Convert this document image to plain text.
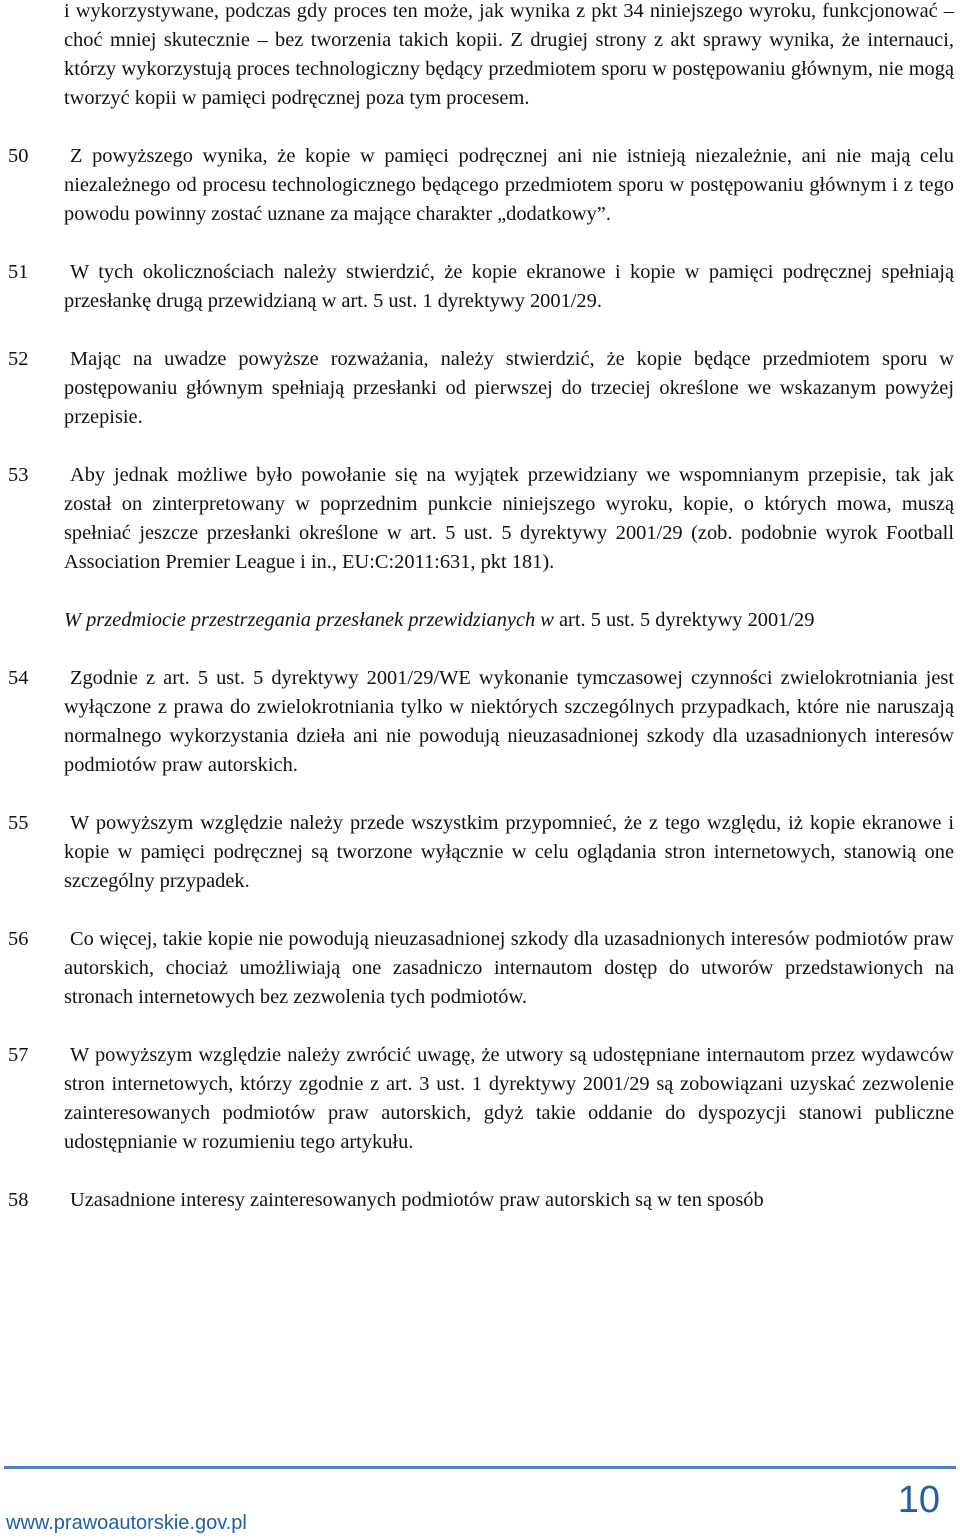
i wykorzystywane, podczas gdy proces ten może, jak wynika z pkt 34 niniejszego wyroku, funkcjonować – choć mniej skutecznie – bez tworzenia takich kopii. Z drugiej strony z akt sprawy wynika, że internauci, którzy wykorzystują proces technologiczny będący przedmiotem sporu w postępowaniu głównym, nie mogą tworzyć kopii w pamięci podręcznej poza tym procesem.

50 Z powyższego wynika, że kopie w pamięci podręcznej ani nie istnieją niezależnie, ani nie mają celu niezależnego od procesu technologicznego będącego przedmiotem sporu w postępowaniu głównym i z tego powodu powinny zostać uznane za mające charakter „dodatkowy”.

51 W tych okolicznościach należy stwierdzić, że kopie ekranowe i kopie w pamięci podręcznej spełniają przesłankę drugą przewidzianą w art. 5 ust. 1 dyrektywy 2001/29.

52 Mając na uwadze powyższe rozważania, należy stwierdzić, że kopie będące przedmiotem sporu w postępowaniu głównym spełniają przesłanki od pierwszej do trzeciej określone we wskazanym powyżej przepisie.

53 Aby jednak możliwe było powołanie się na wyjątek przewidziany we wspomnianym przepisie, tak jak został on zinterpretowany w poprzednim punkcie niniejszego wyroku, kopie, o których mowa, muszą spełniać jeszcze przesłanki określone w art. 5 ust. 5 dyrektywy 2001/29 (zob. podobnie wyrok Football Association Premier League i in., EU:C:2011:631, pkt 181).

W przedmiocie przestrzegania przesłanek przewidzianych w art. 5 ust. 5 dyrektywy 2001/29

54 Zgodnie z art. 5 ust. 5 dyrektywy 2001/29/WE wykonanie tymczasowej czynności zwielokrotniania jest wyłączone z prawa do zwielokrotniania tylko w niektórych szczególnych przypadkach, które nie naruszają normalnego wykorzystania dzieła ani nie powodują nieuzasadnionej szkody dla uzasadnionych interesów podmiotów praw autorskich.

55 W powyższym względzie należy przede wszystkim przypomnieć, że z tego względu, iż kopie ekranowe i kopie w pamięci podręcznej są tworzone wyłącznie w celu oglądania stron internetowych, stanowią one szczególny przypadek.

56 Co więcej, takie kopie nie powodują nieuzasadnionej szkody dla uzasadnionych interesów podmiotów praw autorskich, chociaż umożliwiają one zasadniczo internautom dostęp do utworów przedstawionych na stronach internetowych bez zezwolenia tych podmiotów.

57 W powyższym względzie należy zwrócić uwagę, że utwory są udostępniane internautom przez wydawców stron internetowych, którzy zgodnie z art. 3 ust. 1 dyrektywy 2001/29 są zobowiązani uzyskać zezwolenie zainteresowanych podmiotów praw autorskich, gdyż takie oddanie do dyspozycji stanowi publiczne udostępnianie w rozumieniu tego artykułu.

58 Uzasadnione interesy zainteresowanych podmiotów praw autorskich są w ten sposób

www.prawoautorskie.gov.pl
10
